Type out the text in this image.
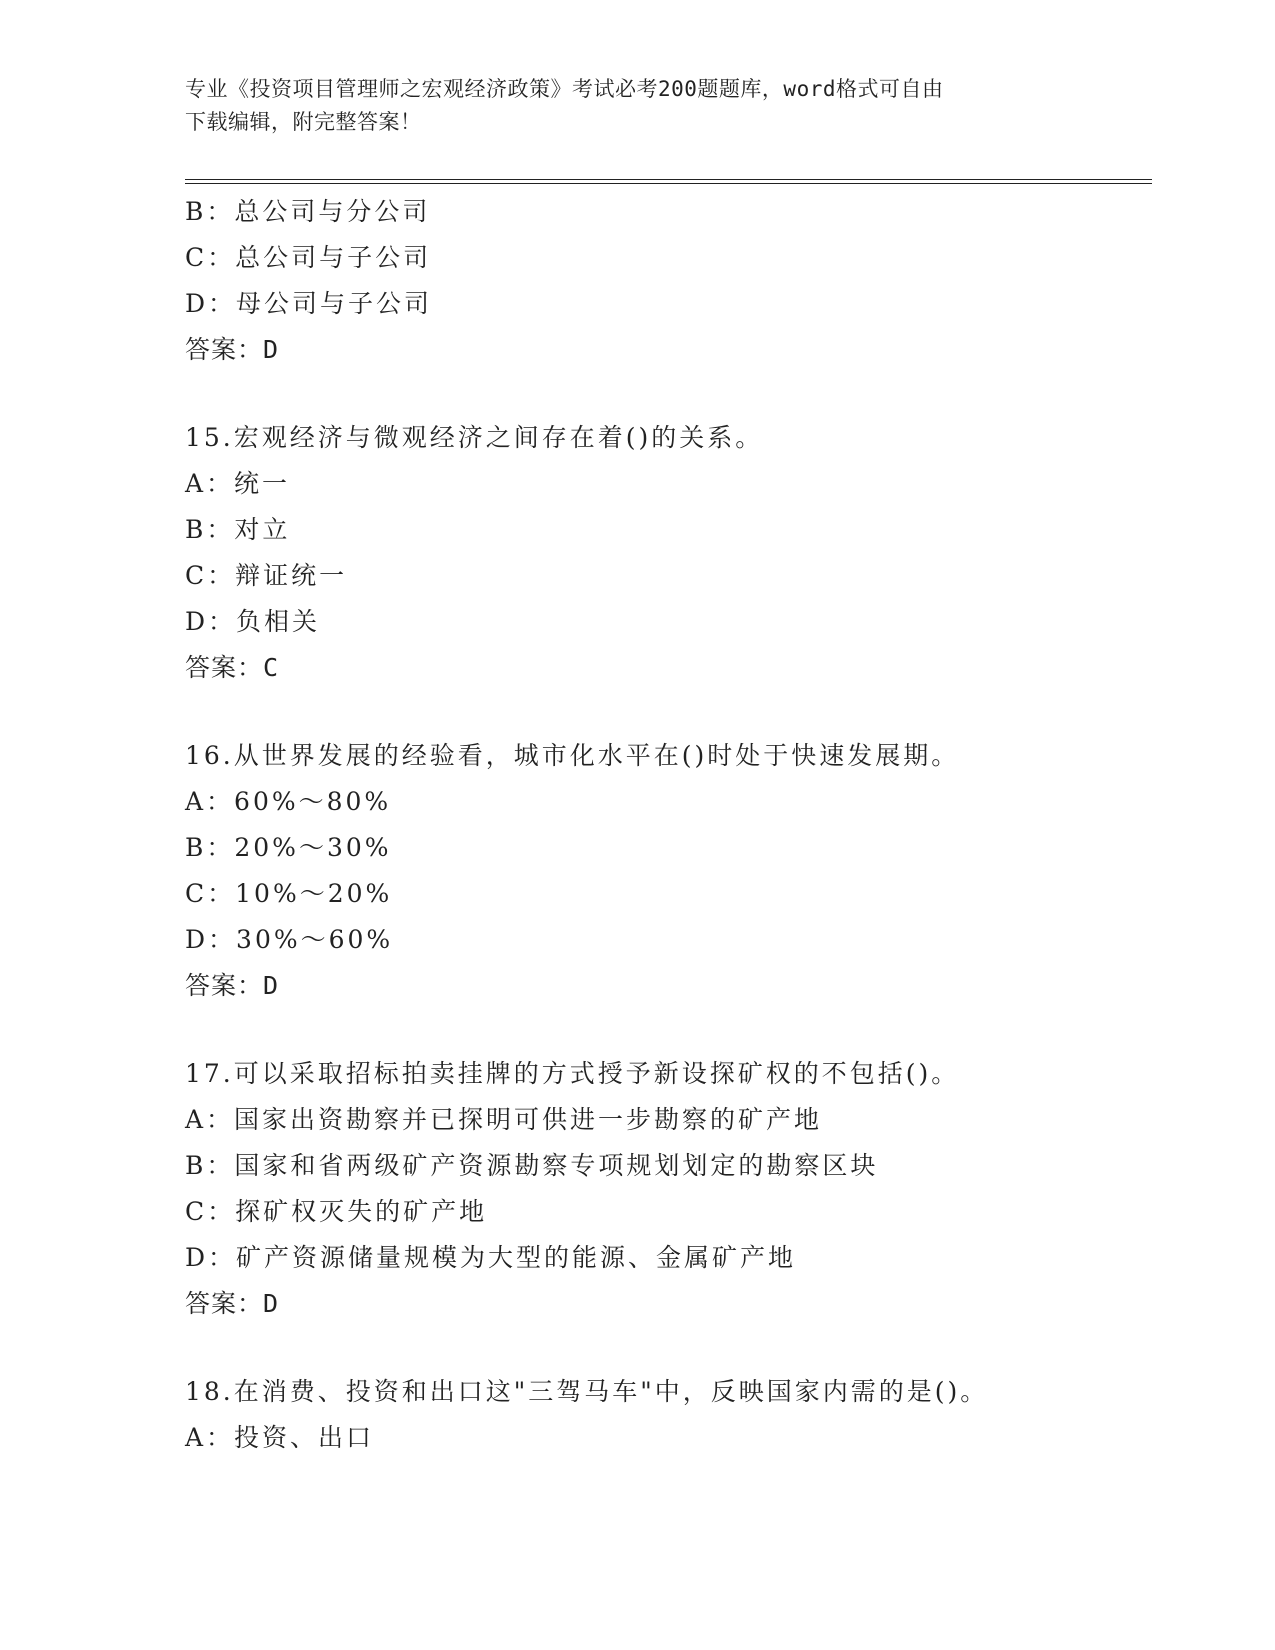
专业《投资项目管理师之宏观经济政策》考试必考200题题库，word格式可自由
下载编辑，附完整答案！
B：总公司与分公司
C：总公司与子公司
D：母公司与子公司
答案：D
15.宏观经济与微观经济之间存在着()的关系。
A：统一
B：对立
C：辩证统一
D：负相关
答案：C
16.从世界发展的经验看，城市化水平在()时处于快速发展期。
A：60%～80%
B：20%～30%
C：10%～20%
D：30%～60%
答案：D
17.可以采取招标拍卖挂牌的方式授予新设探矿权的不包括()。
A：国家出资勘察并已探明可供进一步勘察的矿产地
B：国家和省两级矿产资源勘察专项规划划定的勘察区块
C：探矿权灭失的矿产地
D：矿产资源储量规模为大型的能源、金属矿产地
答案：D
18.在消费、投资和出口这"三驾马车"中，反映国家内需的是()。
A：投资、出口
